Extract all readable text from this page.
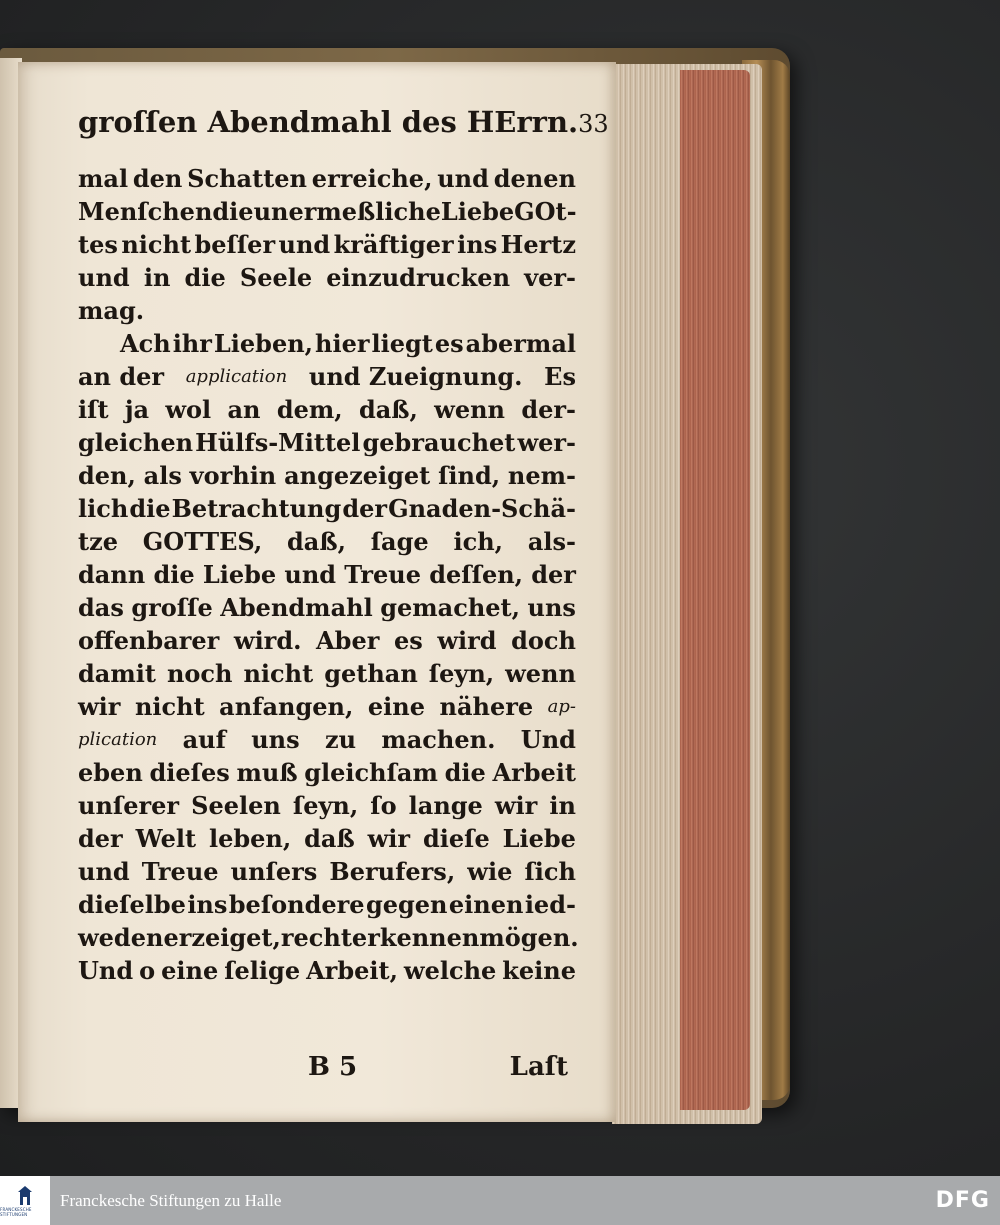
groſſen Abendmahl des HErrn. 33
mal den Schatten erreiche, und denen
Menſchen die unermeßliche Liebe GOt-
tes nicht beſſer und kräftiger ins Hertz
und in die Seele einzudrucken ver-
mag.
Ach ihr Lieben, hier liegt es abermal
an der application und Zueignung. Es
iſt ja wol an dem, daß, wenn der-
gleichen Hülfs-Mittel gebrauchet wer-
den, als vorhin angezeiget ſind, nem-
lich die Betrachtung der Gnaden-Schä-
tze GOTTES, daß, ſage ich, als-
dann die Liebe und Treue deſſen, der
das groſſe Abendmahl gemachet, uns
offenbarer wird. Aber es wird doch
damit noch nicht gethan ſeyn, wenn
wir nicht anfangen, eine nähere ap-
plication auf uns zu machen. Und
eben dieſes muß gleichſam die Arbeit
unſerer Seelen ſeyn, ſo lange wir in
der Welt leben, daß wir dieſe Liebe
und Treue unſers Berufers, wie ſich
dieſelbe ins beſondere gegen einen ied-
weden erzeiget, recht erkennen mögen.
Und o eine ſelige Arbeit, welche keine
B 5	Laſt
FRANCKESCHE STIFTUNGEN
Franckesche Stiftungen zu Halle	DFG
